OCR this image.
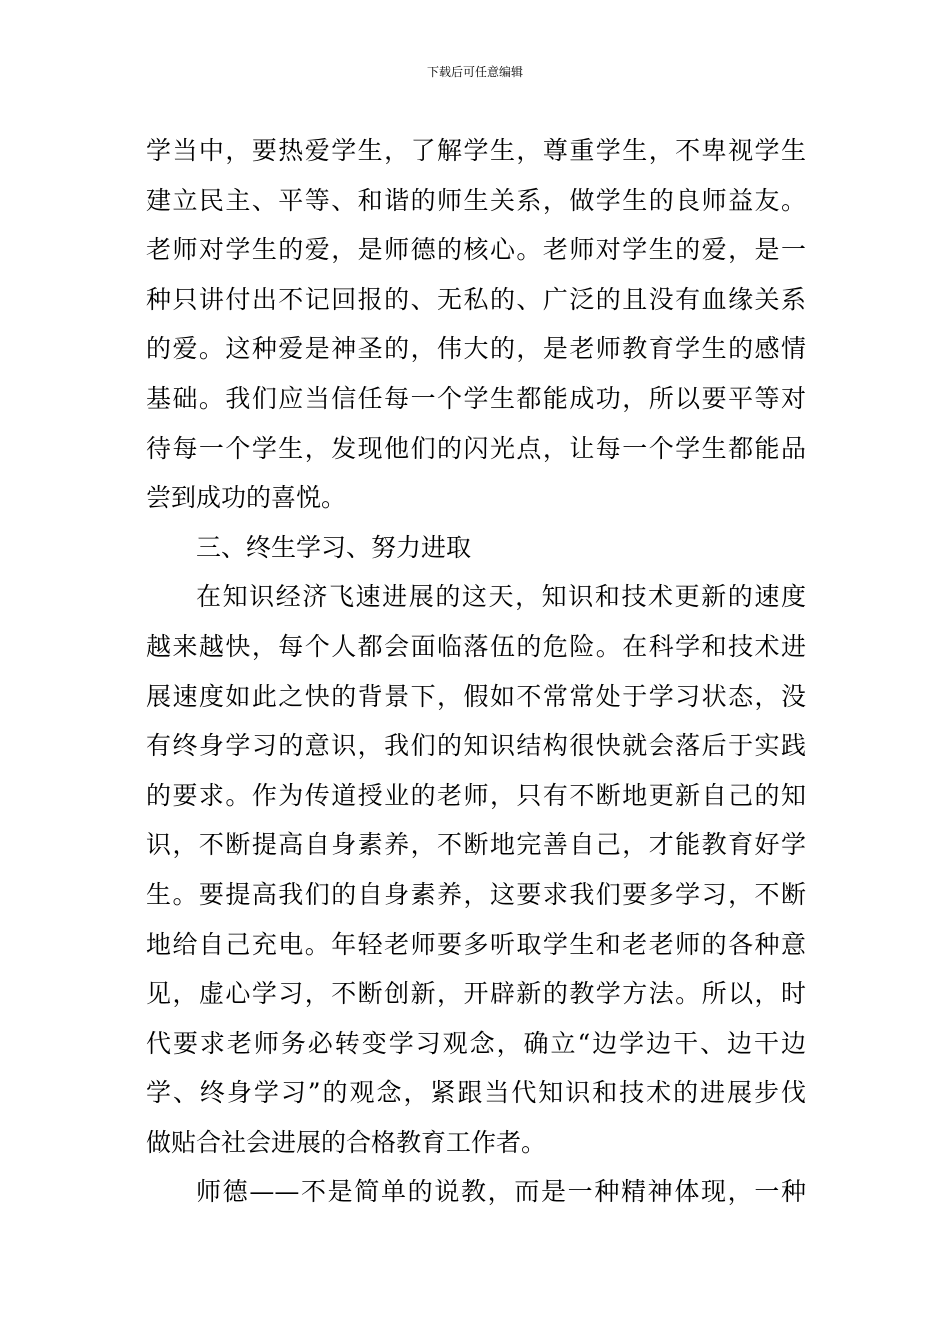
下载后可任意编辑
学当中，要热爱学生，了解学生，尊重学生，不卑视学生
建立民主、平等、和谐的师生关系，做学生的良师益友。
老师对学生的爱，是师德的核心。老师对学生的爱，是一
种只讲付出不记回报的、无私的、广泛的且没有血缘关系
的爱。这种爱是神圣的，伟大的，是老师教育学生的感情
基础。我们应当信任每一个学生都能成功，所以要平等对
待每一个学生，发现他们的闪光点，让每一个学生都能品
尝到成功的喜悦。
三、终生学习、努力进取
在知识经济飞速进展的这天，知识和技术更新的速度
越来越快，每个人都会面临落伍的危险。在科学和技术进
展速度如此之快的背景下，假如不常常处于学习状态，没
有终身学习的意识，我们的知识结构很快就会落后于实践
的要求。作为传道授业的老师，只有不断地更新自己的知
识，不断提高自身素养，不断地完善自己，才能教育好学
生。要提高我们的自身素养，这要求我们要多学习，不断
地给自己充电。年轻老师要多听取学生和老老师的各种意
见，虚心学习，不断创新，开辟新的教学方法。所以，时
代要求老师务必转变学习观念，确立“边学边干、边干边
学、终身学习”的观念，紧跟当代知识和技术的进展步伐
做贴合社会进展的合格教育工作者。
师德——不是简单的说教，而是一种精神体现，一种
